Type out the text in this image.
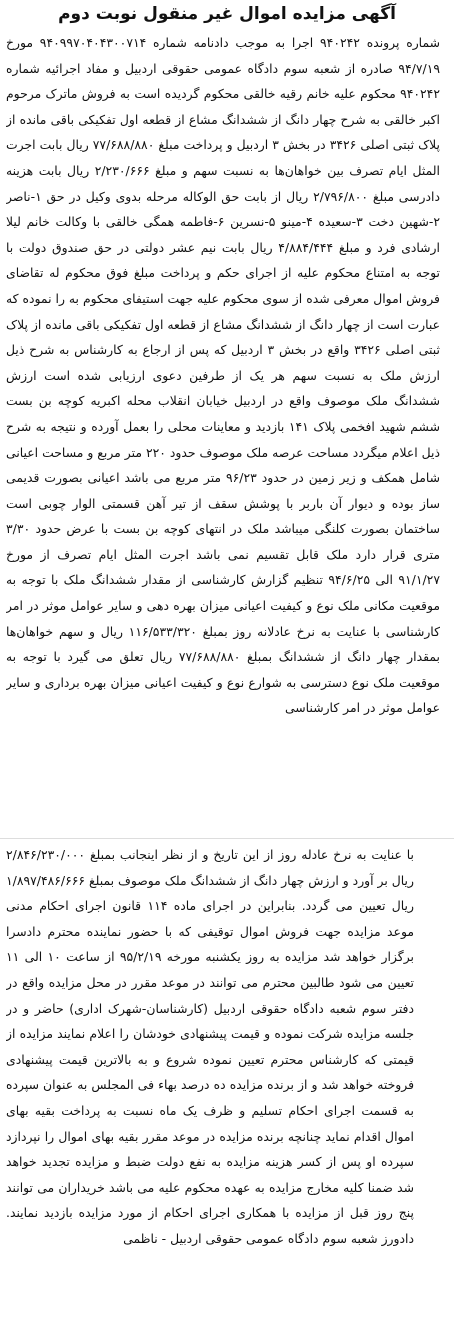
آگهی مزایده اموال غیر منقول نوبت دوم

شماره پرونده ۹۴۰۲۴۲ اجرا به موجب دادنامه شماره ۹۴۰۹۹۷۰۴۰۴۳۰۰۷۱۴ مورخ ۹۴/۷/۱۹ صادره از شعبه سوم دادگاه عمومی حقوقی اردبیل و مفاد اجرائیه شماره ۹۴۰۲۴۲ محکوم علیه خانم رقیه خالقی محکوم گردیده است به فروش ماترک مرحوم اکبر خالقی به شرح چهار دانگ از ششدانگ مشاع از قطعه اول تفکیکی باقی مانده از پلاک ثبتی اصلی ۳۴۲۶ در بخش ۳ اردبیل و پرداخت مبلغ ۷۷/۶۸۸/۸۸۰ ریال بابت اجرت المثل ایام تصرف بین خواهان‌ها به نسبت سهم و مبلغ ۲/۲۳۰/۶۶۶ ریال بابت هزینه دادرسی مبلغ ۲/۷۹۶/۸۰۰ ریال از بابت حق الوکاله مرحله بدوی وکیل در حق ۱-ناصر ۲-شهین دخت ۳-سعیده ۴-مینو ۵-نسرین ۶-فاطمه همگی خالقی با وکالت خانم لیلا ارشادی فرد و مبلغ ۴/۸۸۴/۴۴۴ ریال بابت نیم عشر دولتی در حق صندوق دولت با توجه به امتناع محکوم علیه از اجرای حکم و پرداخت مبلغ فوق محکوم له تقاضای فروش اموال معرفی شده از سوی محکوم علیه جهت استیفای محکوم به را نموده که عبارت است از چهار دانگ از ششدانگ مشاع از قطعه اول تفکیکی باقی مانده از پلاک ثبتی اصلی ۳۴۲۶ واقع در بخش ۳ اردبیل که پس از ارجاع به کارشناس به شرح ذیل ارزش ملک به نسبت سهم هر یک از طرفین دعوی ارزیابی شده است ارزش ششدانگ ملک موصوف واقع در اردبیل خیابان انقلاب محله اکبریه کوچه بن بست ششم شهید افخمی پلاک ۱۴۱ بازدید و معاینات محلی را بعمل آورده و نتیجه به شرح ذیل اعلام میگردد مساحت عرصه ملک موصوف حدود ۲۲۰ متر مربع و مساحت اعیانی شامل همکف و زیر زمین در حدود ۹۶/۲۳ متر مربع می باشد اعیانی بصورت قدیمی ساز بوده و دیوار آن باربر با پوشش سقف از تیر آهن قسمتی الوار چوبی است ساختمان بصورت کلنگی میباشد ملک در انتهای کوچه بن بست با عرض حدود ۳/۳۰ متری قرار دارد ملک قابل تقسیم نمی باشد اجرت المثل ایام تصرف از مورخ ۹۱/۱/۲۷ الی ۹۴/۶/۲۵ تنظیم گزارش کارشناسی از مقدار ششدانگ ملک با توجه به موقعیت مکانی ملک نوع و کیفیت اعیانی میزان بهره دهی و سایر عوامل موثر در امر کارشناسی با عنایت به نرخ عادلانه روز بمبلغ ۱۱۶/۵۳۳/۳۲۰ ریال و سهم خواهان‌ها بمقدار چهار دانگ از ششدانگ بمبلغ ۷۷/۶۸۸/۸۸۰ ریال تعلق می گیرد با توجه به موقعیت ملک نوع دسترسی به شوارع نوع و کیفیت اعیانی میزان بهره برداری و سایر عوامل موثر در امر کارشناسی

با عنایت به نرخ عادله روز از این تاریخ و از نظر اینجانب بمبلغ ۲/۸۴۶/۲۳۰/۰۰۰ ریال بر آورد و ارزش چهار دانگ از ششدانگ ملک موصوف بمبلغ ۱/۸۹۷/۴۸۶/۶۶۶ ریال تعیین می گردد. بنابراین در اجرای ماده ۱۱۴ قانون اجرای احکام مدنی موعد مزایده جهت فروش اموال توقیفی که با حضور نماینده محترم دادسرا برگزار خواهد شد مزایده به روز یکشنبه مورخه ۹۵/۲/۱۹ از ساعت ۱۰ الی ۱۱ تعیین می شود طالبین محترم می توانند در موعد مقرر در محل مزایده واقع در دفتر سوم شعبه دادگاه حقوقی اردبیل (کارشناسان-شهرک اداری) حاضر و در جلسه مزایده شرکت نموده و قیمت پیشنهادی خودشان را اعلام نمایند مزایده از قیمتی که کارشناس محترم تعیین نموده شروع و به بالاترین قیمت پیشنهادی فروخته خواهد شد و از برنده مزایده ده درصد بهاء فی المجلس به عنوان سپرده به قسمت اجرای احکام تسلیم و ظرف یک ماه نسبت به پرداخت بقیه بهای اموال اقدام نماید چنانچه برنده مزایده در موعد مقرر بقیه بهای اموال را نپردازد سپرده او پس از کسر هزینه مزایده به نفع دولت ضبط و مزایده تجدید خواهد شد ضمنا کلیه مخارج مزایده به عهده محکوم علیه می باشد خریداران می توانند پنج روز قبل از مزایده با همکاری اجرای احکام از مورد مزایده بازدید نمایند. دادورز شعبه سوم دادگاه عمومی حقوقی اردبیل - ناظمی
